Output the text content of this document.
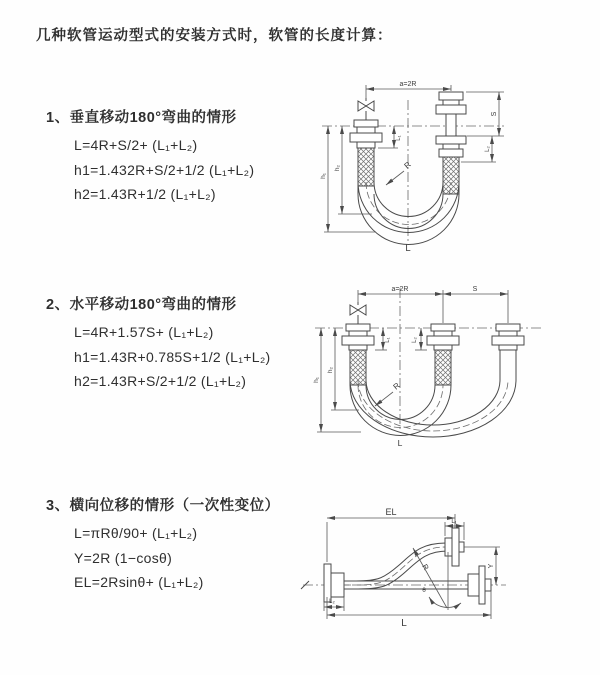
几种软管运动型式的安装方式时，软管的长度计算：
1、垂直移动180°弯曲的情形
L=4R+S/2+ (L₁+L₂)
h1=1.432R+S/2+1/2 (L₁+L₂)
h2=1.43R+1/2 (L₁+L₂)
a=2R
S
L₂
h₁
h₂
L₁
R
L
2、水平移动180°弯曲的情形
L=4R+1.57S+ (L₁+L₂)
h1=1.43R+0.785S+1/2 (L₁+L₂)
h2=1.43R+S/2+1/2 (L₁+L₂)
a=2R	S
L₁	L₂
h₁
h₂
R
L
3、横向位移的情形（一次性变位）
L=πRθ/90+ (L₁+L₂)
Y=2R (1−cosθ)
EL=2Rsinθ+ (L₁+L₂)
EL
L₁
R
θ
Y
L₂
L
